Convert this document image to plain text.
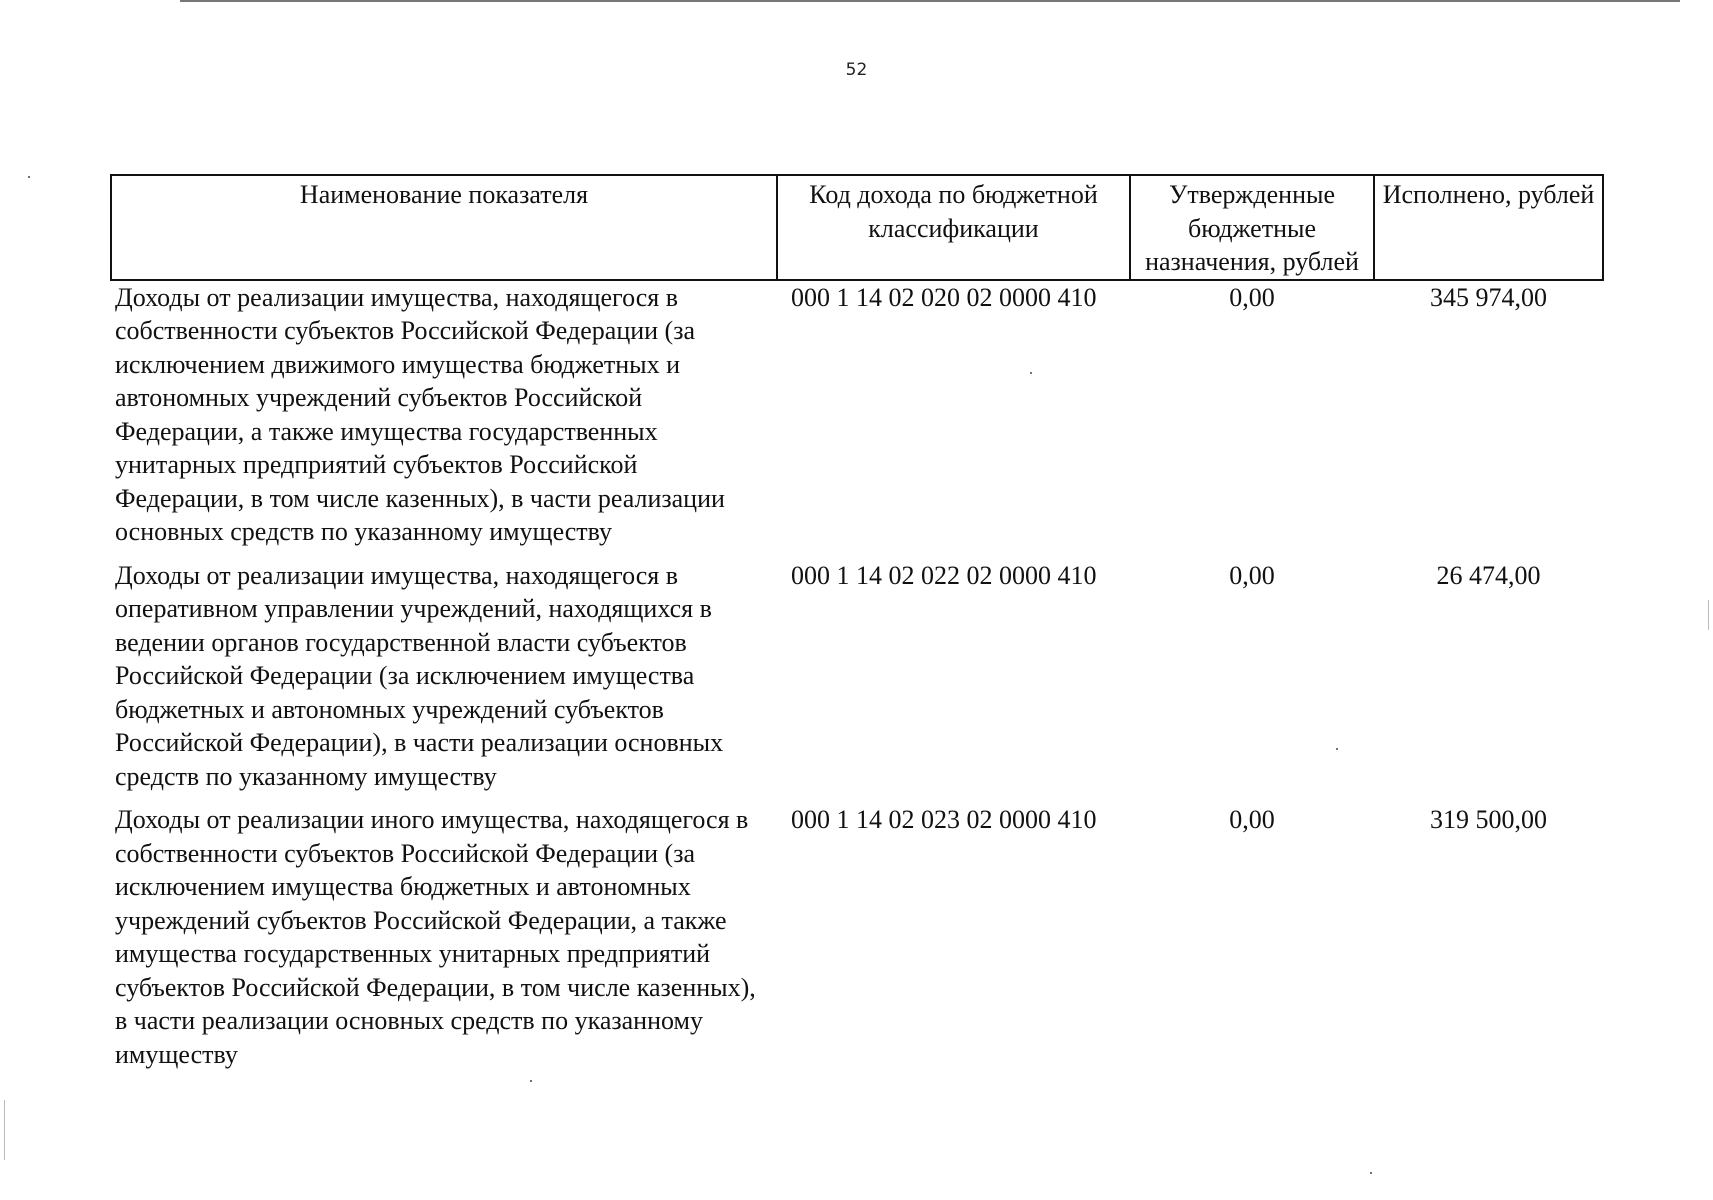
52
Наименование показателя	Код дохода по бюджетной классификации	Утвержденные бюджетные назначения, рублей	Исполнено, рублей
Доходы от реализации имущества, находящегося в собственности субъектов Российской Федерации (за исключением движимого имущества бюджетных и автономных учреждений субъектов Российской Федерации, а также имущества государственных унитарных предприятий субъектов Российской Федерации, в том числе казенных), в части реализации основных средств по указанному имуществу	000 1 14 02 020 02 0000 410	0,00	345 974,00
Доходы от реализации имущества, находящегося в оперативном управлении учреждений, находящихся в ведении органов государственной власти субъектов Российской Федерации (за исключением имущества бюджетных и автономных учреждений субъектов Российской Федерации), в части реализации основных средств по указанному имуществу	000 1 14 02 022 02 0000 410	0,00	26 474,00
Доходы от реализации иного имущества, находящегося в собственности субъектов Российской Федерации (за исключением имущества бюджетных и автономных учреждений субъектов Российской Федерации, а также имущества государственных унитарных предприятий субъектов Российской Федерации, в том числе казенных), в части реализации основных средств по указанному имуществу	000 1 14 02 023 02 0000 410	0,00	319 500,00
